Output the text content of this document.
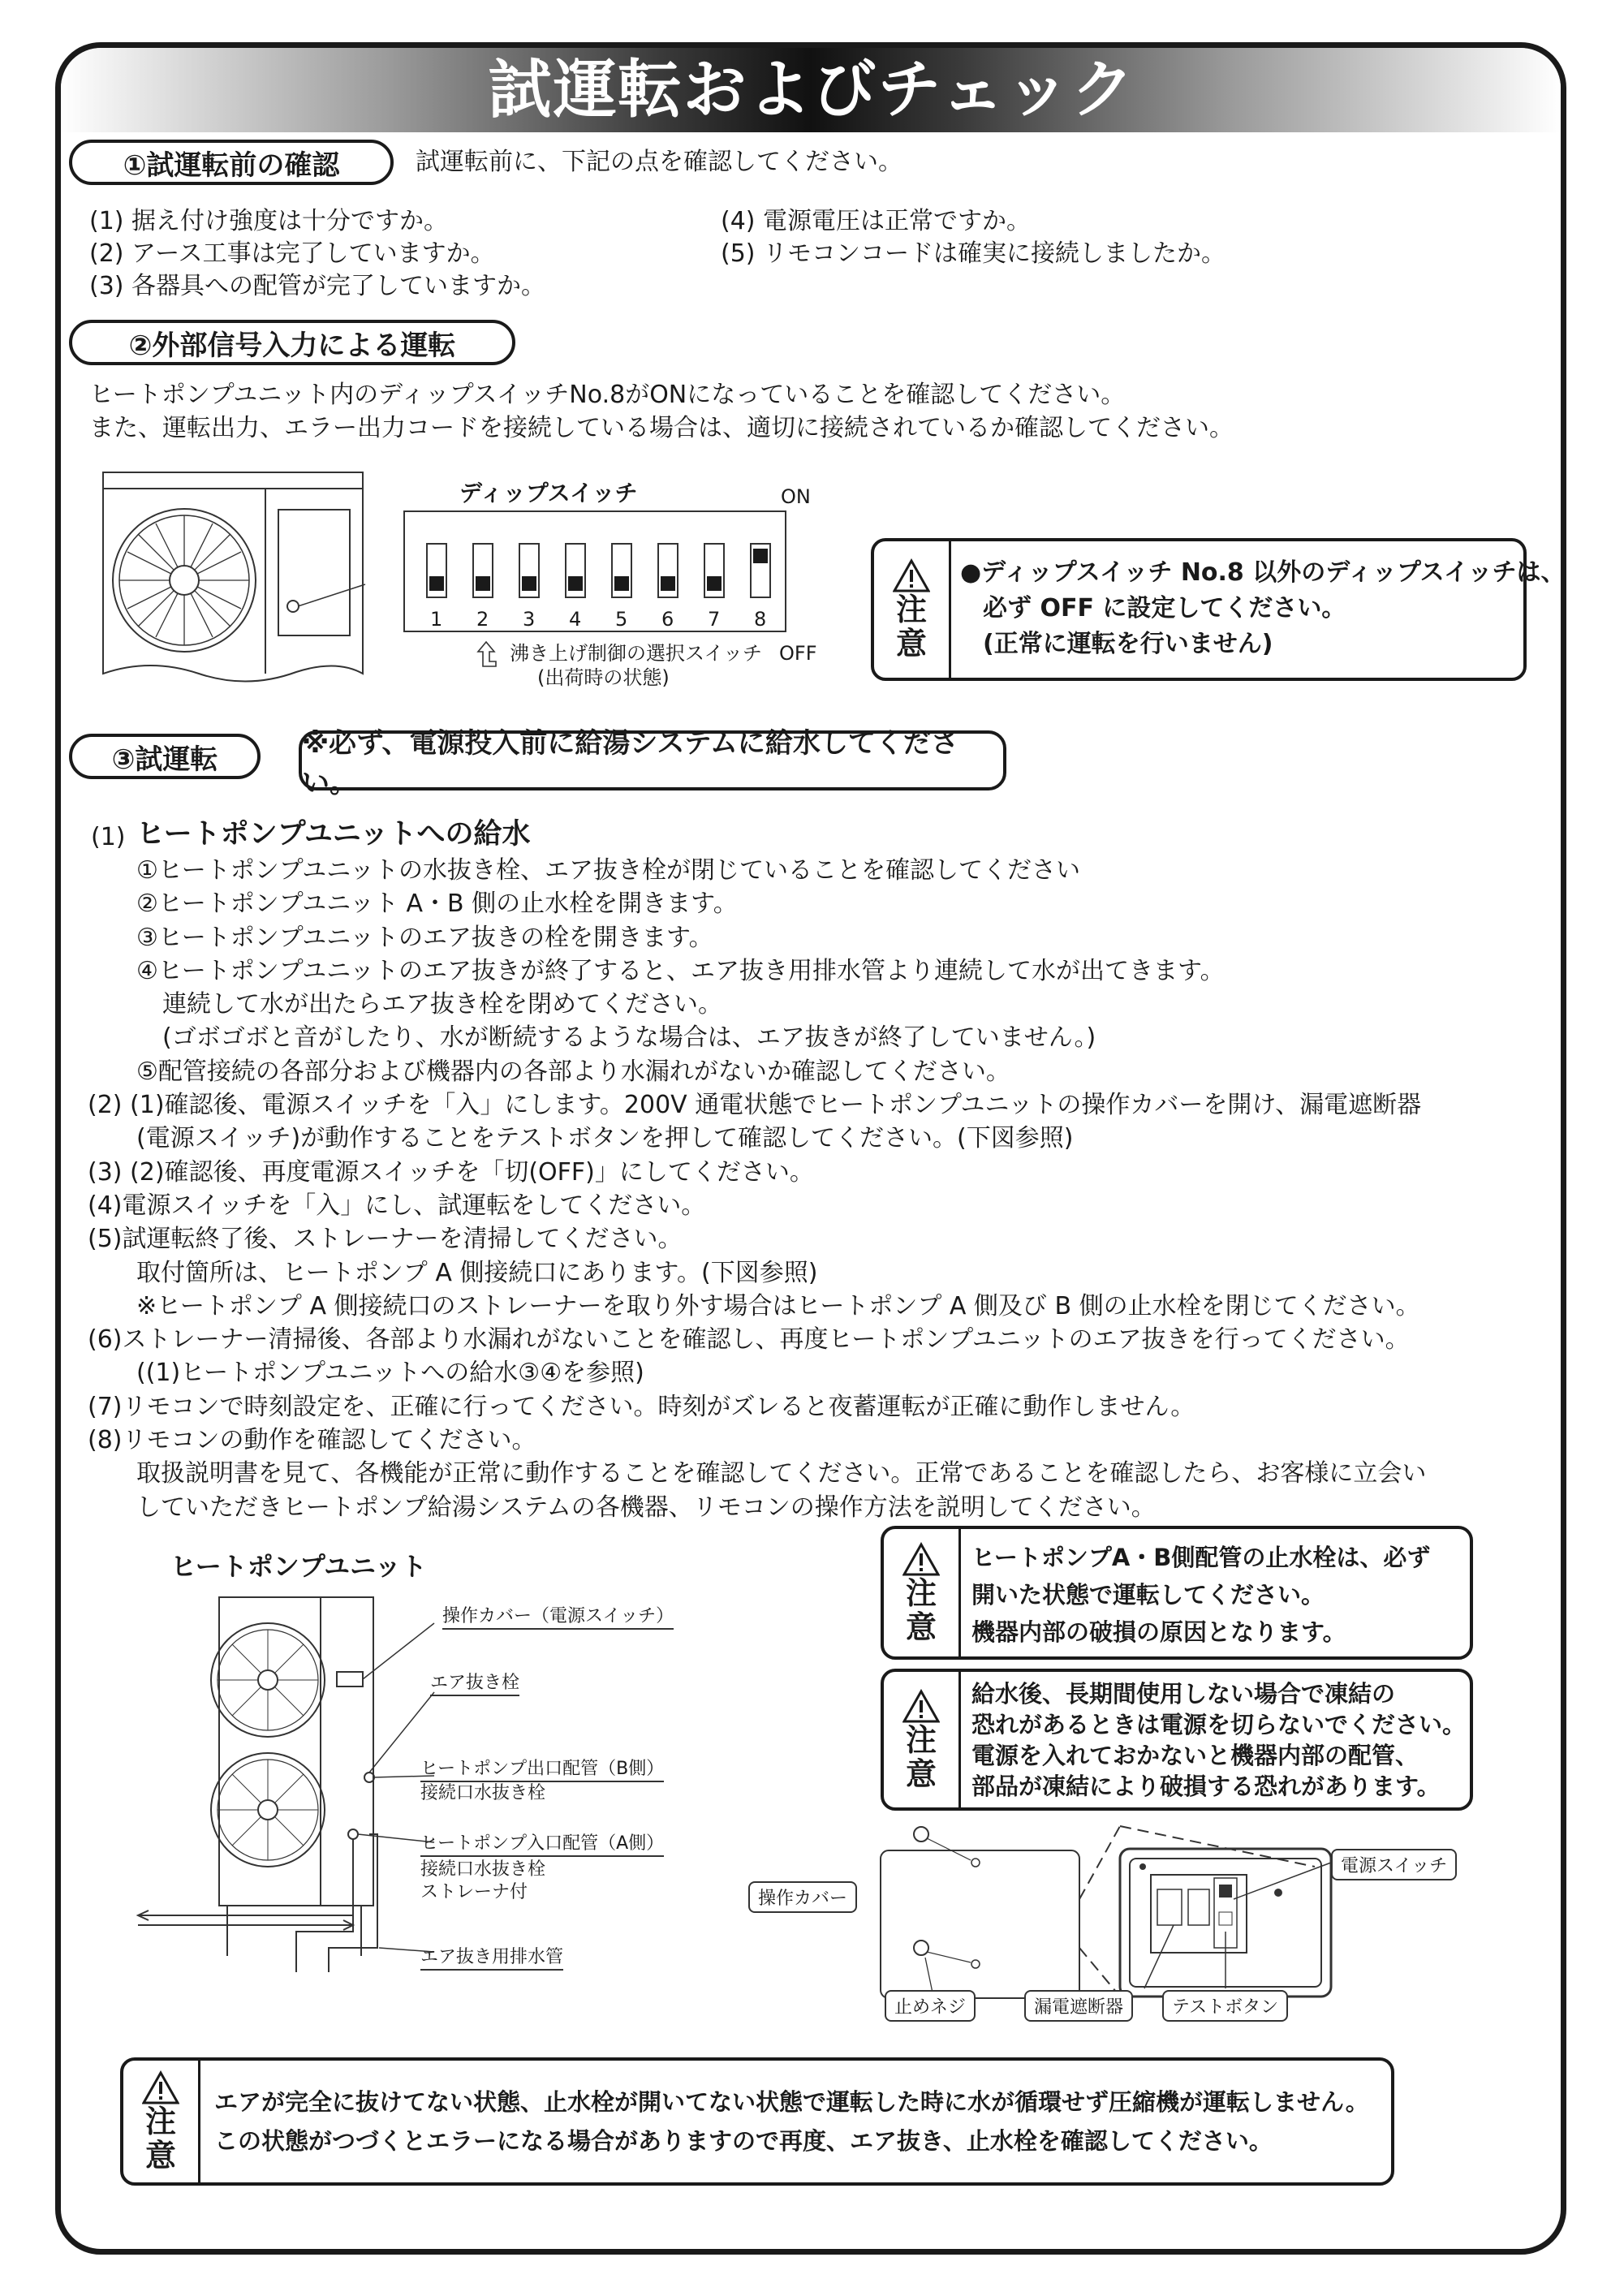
試運転およびチェック
①試運転前の確認	試運転前に、下記の点を確認してください。
(1) 据え付け強度は十分ですか。
(2) アース工事は完了していますか。
(3) 各器具への配管が完了していますか。
(4) 電源電圧は正常ですか。
(5) リモコンコードは確実に接続しましたか。
②外部信号入力による運転
ヒートポンプユニット内のディップスイッチNo.8がONになっていることを確認してください。
また、運転出力、エラー出力コードを接続している場合は、適切に接続されているか確認してください。
ディップスイッチ	ON
1 2 3 4 5 6 7 8
沸き上げ制御の選択スイッチ OFF
(出荷時の状態)
注意
●ディップスイッチ No.8 以外のディップスイッチは、
必ず OFF に設定してください。
(正常に運転を行いません)
③試運転	※必ず、電源投入前に給湯システムに給水してください。
(1) ヒートポンプユニットへの給水
①ヒートポンプユニットの水抜き栓、エア抜き栓が閉じていることを確認してください
②ヒートポンプユニット A・B 側の止水栓を開きます。
③ヒートポンプユニットのエア抜きの栓を開きます。
④ヒートポンプユニットのエア抜きが終了すると、エア抜き用排水管より連続して水が出てきます。
連続して水が出たらエア抜き栓を閉めてください。
(ゴボゴボと音がしたり、水が断続するような場合は、エア抜きが終了していません。)
⑤配管接続の各部分および機器内の各部より水漏れがないか確認してください。
(2) (1)確認後、電源スイッチを「入」にします。200V 通電状態でヒートポンプユニットの操作カバーを開け、漏電遮断器
(電源スイッチ)が動作することをテストボタンを押して確認してください。(下図参照)
(3) (2)確認後、再度電源スイッチを「切(OFF)」にしてください。
(4)電源スイッチを「入」にし、試運転をしてください。
(5)試運転終了後、ストレーナーを清掃してください。
取付箇所は、ヒートポンプ A 側接続口にあります。(下図参照)
※ヒートポンプ A 側接続口のストレーナーを取り外す場合はヒートポンプ A 側及び B 側の止水栓を閉じてください。
(6)ストレーナー清掃後、各部より水漏れがないことを確認し、再度ヒートポンプユニットのエア抜きを行ってください。
((1)ヒートポンプユニットへの給水③④を参照)
(7)リモコンで時刻設定を、正確に行ってください。時刻がズレると夜蓄運転が正確に動作しません。
(8)リモコンの動作を確認してください。
取扱説明書を見て、各機能が正常に動作することを確認してください。正常であることを確認したら、お客様に立会い
していただきヒートポンプ給湯システムの各機器、リモコンの操作方法を説明してください。
ヒートポンプユニット
操作カバー（電源スイッチ）
エア抜き栓
ヒートポンプ出口配管（B側）
接続口水抜き栓
ヒートポンプ入口配管（A側）
接続口水抜き栓
ストレーナ付
エア抜き用排水管
注意
ヒートポンプA・B側配管の止水栓は、必ず
開いた状態で運転してください。
機器内部の破損の原因となります。
注意
給水後、長期間使用しない場合で凍結の
恐れがあるときは電源を切らないでください。
電源を入れておかないと機器内部の配管、
部品が凍結により破損する恐れがあります。
操作カバー
止めネジ	漏電遮断器	テストボタン
電源スイッチ
注意
エアが完全に抜けてない状態、止水栓が開いてない状態で運転した時に水が循環せず圧縮機が運転しません。
この状態がつづくとエラーになる場合がありますので再度、エア抜き、止水栓を確認してください。
